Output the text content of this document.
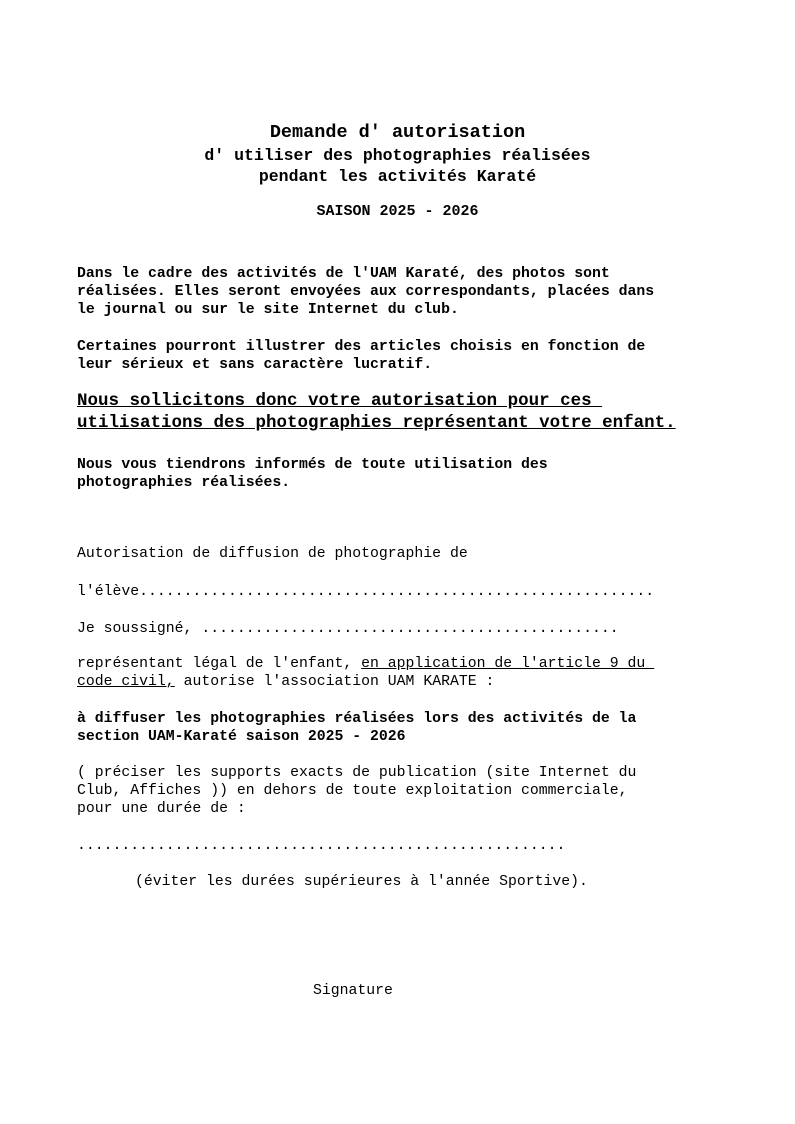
Demande d' autorisation
d' utiliser des photographies réalisées
pendant les activités Karaté
SAISON 2025 - 2026
Dans le cadre des activités de l'UAM Karaté, des photos sont
réalisées. Elles seront envoyées aux correspondants, placées dans
le journal ou sur le site Internet du club.
Certaines pourront illustrer des articles choisis en fonction de
leur sérieux et sans caractère lucratif.
Nous sollicitons donc votre autorisation pour ces
utilisations des photographies représentant votre enfant.
Nous vous tiendrons informés de toute utilisation des
photographies réalisées.
Autorisation de diffusion de photographie de
l'élève..........................................................
Je soussigné, ...............................................
représentant légal de l'enfant, en application de l'article 9 du
code civil, autorise l'association UAM KARATE :
à diffuser les photographies réalisées lors des activités de la
section UAM-Karaté saison 2025 - 2026
( préciser les supports exacts de publication (site Internet du
Club, Affiches )) en dehors de toute exploitation commerciale,
pour une durée de :
.......................................................
(éviter les durées supérieures à l'année Sportive).
Signature
